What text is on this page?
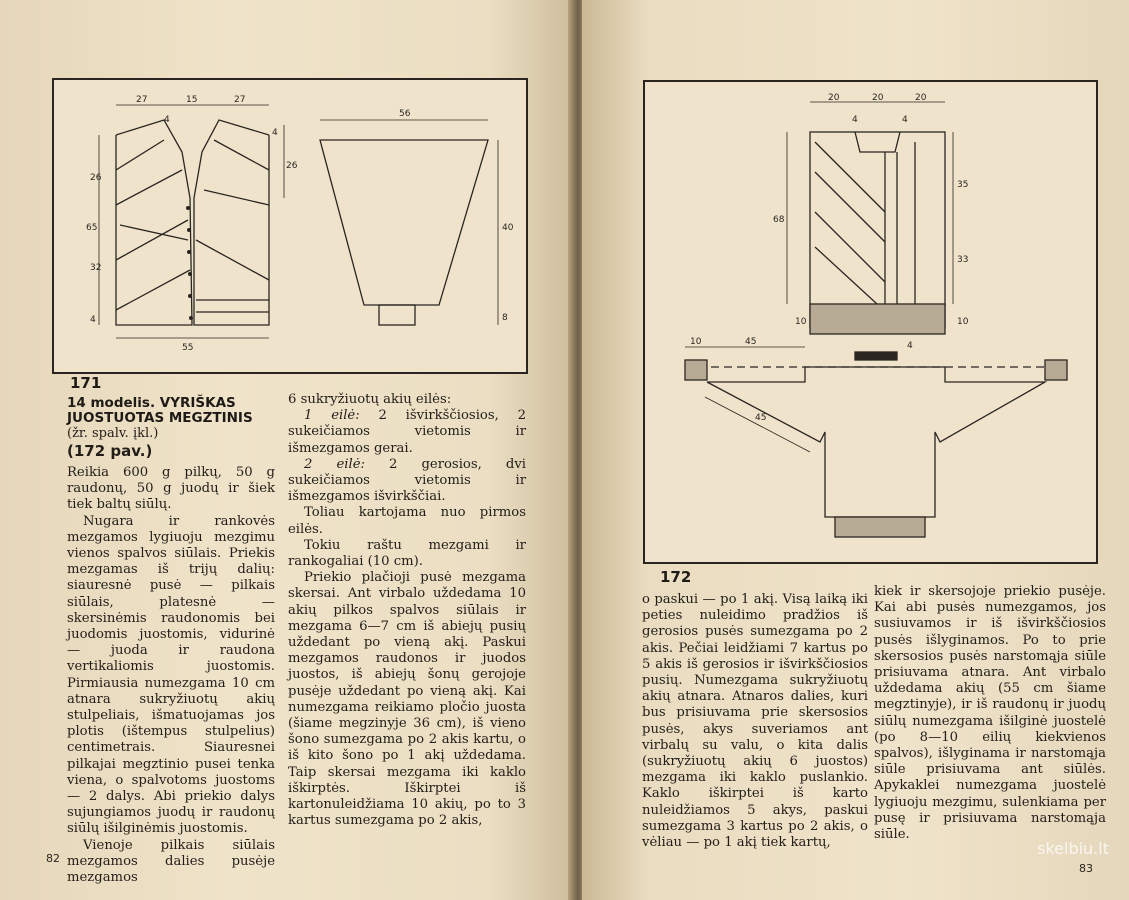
27	15	27
4
4
26
26
65
32
4
55
56
40
8
171
14 modelis. VYRIŠKAS
JUOSTUOTAS MEGZTINIS
(žr. spalv. įkl.)
(172 pav.)

Reikia 600 g pilkų, 50 g raudonų, 50 g juodų ir šiek tiek baltų siūlų.

Nugara ir rankovės mezgamos lygiuoju mezgimu vienos spalvos siūlais. Priekis mezgamas iš trijų dalių: siauresnė pusė — pilkais siūlais, platesnė — skersinėmis raudonomis bei juodomis juostomis, vidurinė — juoda ir raudona vertikaliomis juostomis. Pirmiausia numezgama 10 cm atnara sukryžiuotų akių stulpeliais, išmatuojamas jos plotis (ištempus stulpelius) centimetrais. Siauresnei pilkajai megztinio pusei tenka viena, o spalvotoms juostoms — 2 dalys. Abi priekio dalys sujungiamos juodų ir raudonų siūlų išilginėmis juostomis.

Vienoje pilkais siūlais mezgamos dalies pusėje mezgamos

6 sukryžiuotų akių eilės:

1 eilė: 2 išvirkščiosios, 2 sukeičiamos vietomis ir išmezgamos gerai.

2 eilė: 2 gerosios, dvi sukeičiamos vietomis ir išmezgamos išvirkščiai.

Toliau kartojama nuo pirmos eilės.

Tokiu raštu mezgami ir rankogaliai (10 cm).

Priekio plačioji pusė mezgama skersai. Ant virbalo uždedama 10 akių pilkos spalvos siūlais ir mezgama 6—7 cm iš abiejų pusių uždedant po vieną akį. Paskui mezgamos raudonos ir juodos juostos, iš abiejų šonų gerojoje pusėje uždedant po vieną akį. Kai numezgama reikiamo pločio juosta (šiame megzinyje 36 cm), iš vieno šono sumezgama po 2 akis kartu, o iš kito šono po 1 akį uždedama. Taip skersai mezgama iki kaklo iškirptės. Iškirptei iš kartonuleidžiama 10 akių, po to 3 kartus sumezgama po 2 akis,

82
20	20	20
4	4
35
68
33
10	10
10	45	4
45
172

o paskui — po 1 akį. Visą laiką iki peties nuleidimo pradžios iš gerosios pusės sumezgama po 2 akis. Pečiai leidžiami 7 kartus po 5 akis iš gerosios ir išvirkščiosios pusių. Numezgama sukryžiuotų akių atnara. Atnaros dalies, kuri bus prisiuvama prie skersosios pusės, akys suveriamos ant virbalų su valu, o kita dalis (sukryžiuotų akių 6 juostos) mezgama iki kaklo puslankio. Kaklo iškirptei iš karto nuleidžiamos 5 akys, paskui sumezgama 3 kartus po 2 akis, o vėliau — po 1 akį tiek kartų,

kiek ir skersojoje priekio pusėje. Kai abi pusės numezgamos, jos susiuvamos ir iš išvirkščiosios pusės išlyginamos. Po to prie skersosios pusės narstomąja siūle prisiuvama atnara. Ant virbalo uždedama akių (55 cm šiame megztinyje), ir iš raudonų ir juodų siūlų numezgama išilginė juostelė (po 8—10 eilių kiekvienos spalvos), išlyginama ir narstomąja siūle prisiuvama ant siūlės. Apykaklei numezgama juostelė lygiuoju mezgimu, sulenkiama per pusę ir prisiuvama narstomąja siūle.

83
skelbiu.lt
